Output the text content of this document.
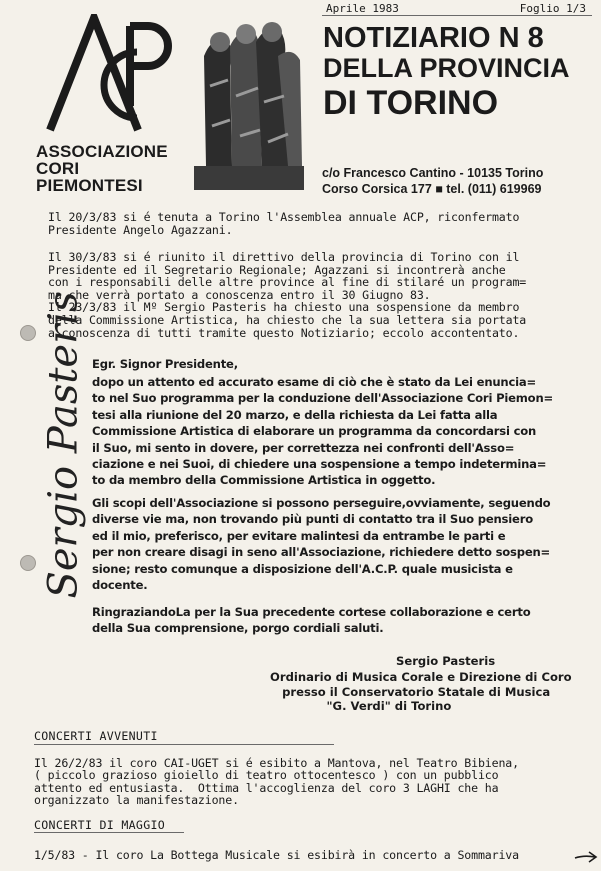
ASSOCIAZIONE
CORI
PIEMONTESI
Aprile 1983	Foglio 1/3
NOTIZIARIO N 8
DELLA PROVINCIA
DI TORINO
c/o Francesco Cantino - 10135 Torino
Corso Corsica 177 ■ tel. (011) 619969
Il 20/3/83 si é tenuta a Torino l'Assemblea annuale ACP, riconfermato
Presidente Angelo Agazzani.
Il 30/3/83 si é riunito il direttivo della provincia di Torino con il
Presidente ed il Segretario Regionale; Agazzani si incontrerà anche
con i responsabili delle altre province al fine di stilaré un program=
ma che verrà portato a conoscenza entro il 30 Giugno 83.
Il 23/3/83 il Mº Sergio Pasteris ha chiesto una sospensione da membro
della Commissione Artistica, ha chiesto che la sua lettera sia portata
a conoscenza di tutti tramite questo Notiziario; eccolo accontentato.
Sergio Pasteris Egr. Signor Presidente,
dopo un attento ed accurato esame di ciò che è stato da Lei enuncia=
to nel Suo programma per la conduzione dell'Associazione Cori Piemon=
tesi alla riunione del 20 marzo, e della richiesta da Lei fatta alla
Commissione Artistica di elaborare un programma da concordarsi con
il Suo, mi sento in dovere, per correttezza nei confronti dell'Asso=
ciazione e nei Suoi, di chiedere una sospensione a tempo indetermina=
to da membro della Commissione Artistica in oggetto.
Gli scopi dell'Associazione si possono perseguire,ovviamente, seguendo
diverse vie ma, non trovando più punti di contatto tra il Suo pensiero
ed il mio, preferisco, per evitare malintesi da entrambe le parti e
per non creare disagi in seno all'Associazione, richiedere detto sospen=
sione; resto comunque a disposizione dell'A.C.P. quale musicista e
docente.
RingraziandoLa per la Sua precedente cortese collaborazione e certo
della Sua comprensione, porgo cordiali saluti.
Sergio Pasteris
Ordinario di Musica Corale e Direzione di Coro
presso il Conservatorio Statale di Musica
"G. Verdi" di Torino
CONCERTI AVVENUTI
Il 26/2/83 il coro CAI-UGET si é esibito a Mantova, nel Teatro Bibiena,
( piccolo grazioso gioiello di teatro ottocentesco ) con un pubblico
attento ed entusiasta.  Ottima l'accoglienza del coro 3 LAGHI che ha
organizzato la manifestazione.
CONCERTI DI MAGGIO
1/5/83 - Il coro La Bottega Musicale si esibirà in concerto a Sommariva
